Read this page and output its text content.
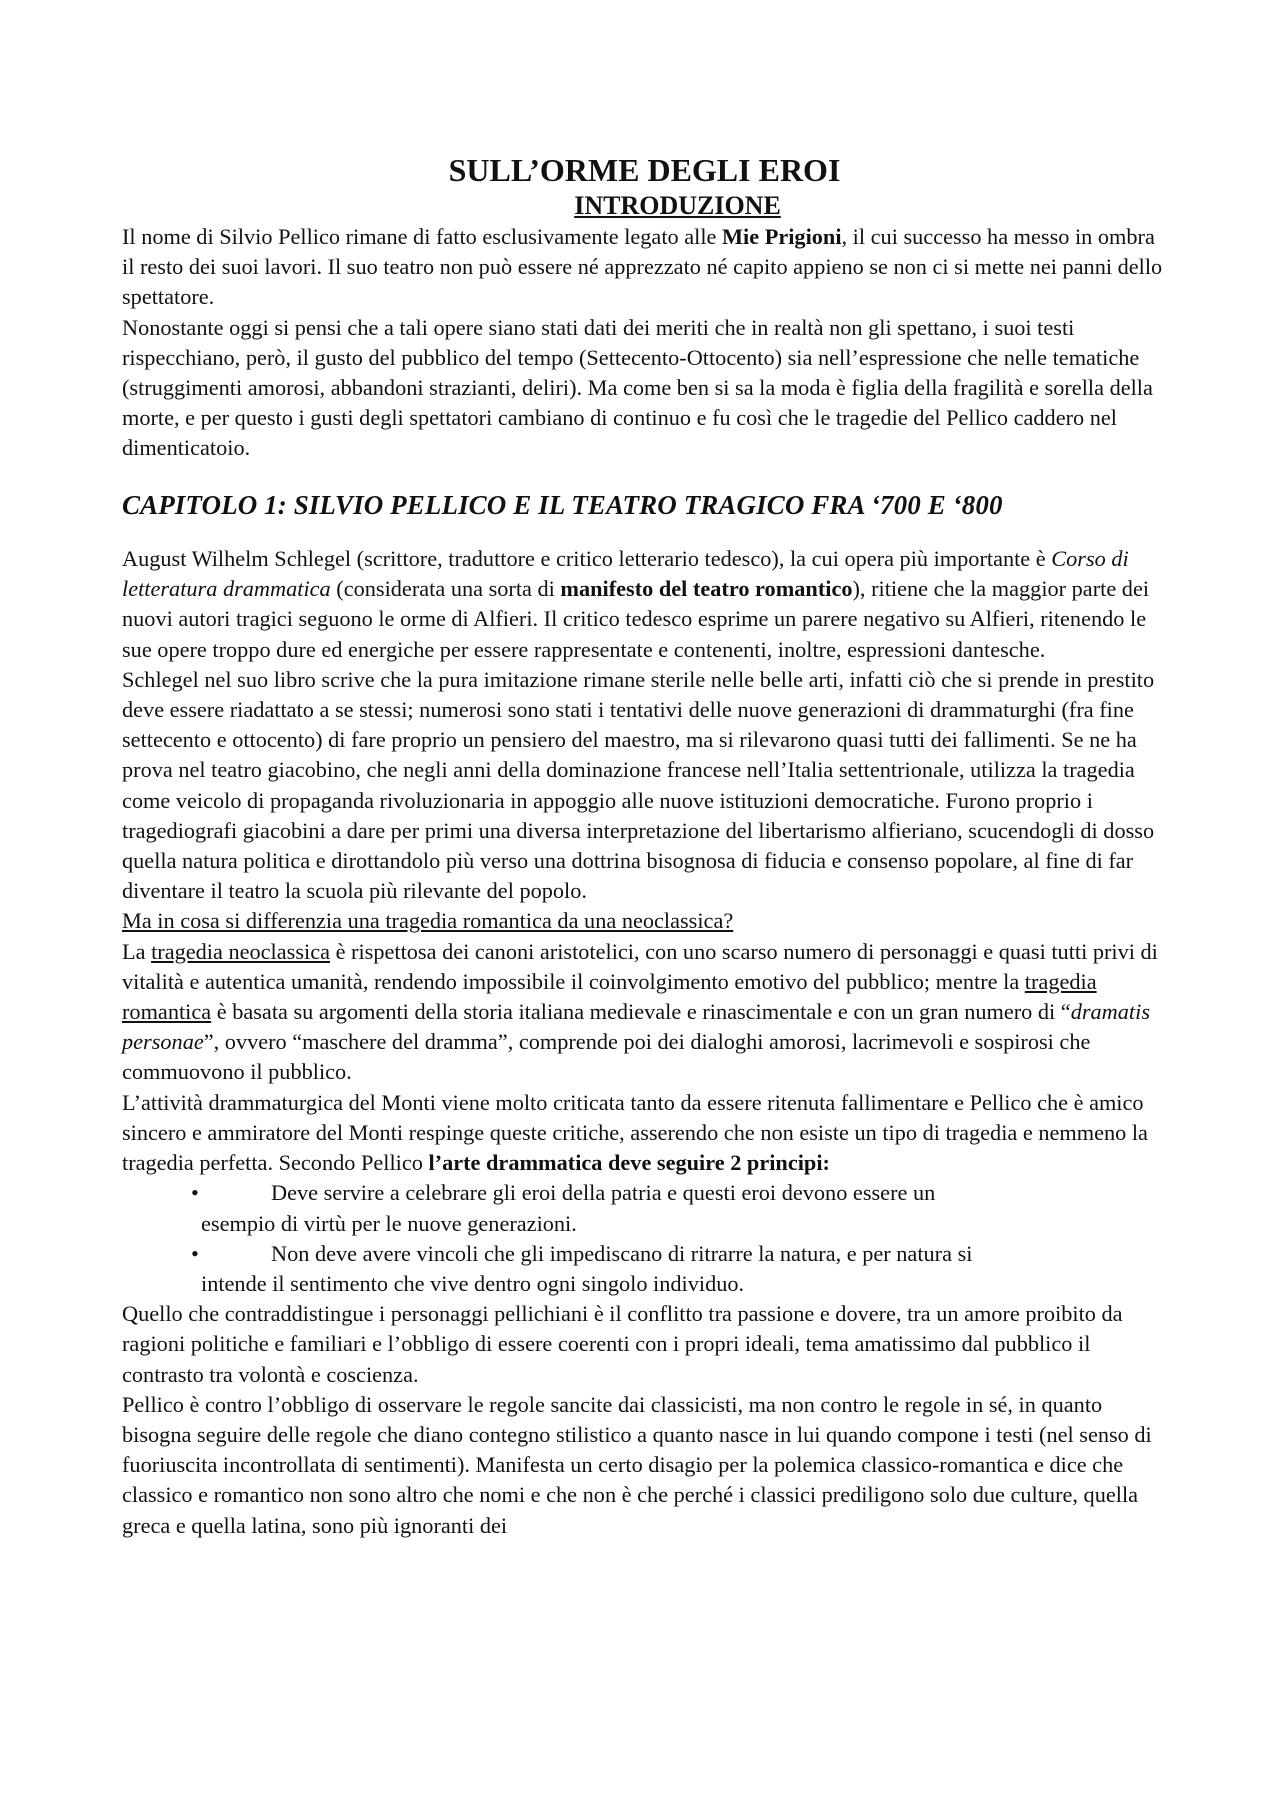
SULL’ORME DEGLI EROI
INTRODUZIONE

Il nome di Silvio Pellico rimane di fatto esclusivamente legato alle Mie Prigioni, il cui successo ha messo in ombra il resto dei suoi lavori. Il suo teatro non può essere né apprezzato né capito appieno se non ci si mette nei panni dello spettatore.

Nonostante oggi si pensi che a tali opere siano stati dati dei meriti che in realtà non gli spettano, i suoi testi rispecchiano, però, il gusto del pubblico del tempo (Settecento-Ottocento) sia nell’espressione che nelle tematiche (struggimenti amorosi, abbandoni strazianti, deliri). Ma come ben si sa la moda è figlia della fragilità e sorella della morte, e per questo i gusti degli spettatori cambiano di continuo e fu così che le tragedie del Pellico caddero nel dimenticatoio.

CAPITOLO 1: SILVIO PELLICO E IL TEATRO TRAGICO FRA ‘700 E ‘800

August Wilhelm Schlegel (scrittore, traduttore e critico letterario tedesco), la cui opera più importante è Corso di letteratura drammatica (considerata una sorta di manifesto del teatro romantico), ritiene che la maggior parte dei nuovi autori tragici seguono le orme di Alfieri. Il critico tedesco esprime un parere negativo su Alfieri, ritenendo le sue opere troppo dure ed energiche per essere rappresentate e contenenti, inoltre, espressioni dantesche.

Schlegel nel suo libro scrive che la pura imitazione rimane sterile nelle belle arti, infatti ciò che si prende in prestito deve essere riadattato a se stessi; numerosi sono stati i tentativi delle nuove generazioni di drammaturghi (fra fine settecento e ottocento) di fare proprio un pensiero del maestro, ma si rilevarono quasi tutti dei fallimenti. Se ne ha prova nel teatro giacobino, che negli anni della dominazione francese nell’Italia settentrionale, utilizza la tragedia come veicolo di propaganda rivoluzionaria in appoggio alle nuove istituzioni democratiche. Furono proprio i tragediografi giacobini a dare per primi una diversa interpretazione del libertarismo alfieriano, scucendogli di dosso quella natura politica e dirottandolo più verso una dottrina bisognosa di fiducia e consenso popolare, al fine di far diventare il teatro la scuola più rilevante del popolo.

Ma in cosa si differenzia una tragedia romantica da una neoclassica?

La tragedia neoclassica è rispettosa dei canoni aristotelici, con uno scarso numero di personaggi e quasi tutti privi di vitalità e autentica umanità, rendendo impossibile il coinvolgimento emotivo del pubblico; mentre la tragedia romantica è basata su argomenti della storia italiana medievale e rinascimentale e con un gran numero di “dramatis personae”, ovvero “maschere del dramma”, comprende poi dei dialoghi amorosi, lacrimevoli e sospirosi che commuovono il pubblico.

L’attività drammaturgica del Monti viene molto criticata tanto da essere ritenuta fallimentare e Pellico che è amico sincero e ammiratore del Monti respinge queste critiche, asserendo che non esiste un tipo di tragedia e nemmeno la tragedia perfetta. Secondo Pellico l’arte drammatica deve seguire 2 principi:

•	Deve servire a celebrare gli eroi della patria e questi eroi devono essere un
esempio di virtù per le nuove generazioni.
•	Non deve avere vincoli che gli impediscano di ritrarre la natura, e per natura si
intende il sentimento che vive dentro ogni singolo individuo.

Quello che contraddistingue i personaggi pellichiani è il conflitto tra passione e dovere, tra un amore proibito da ragioni politiche e familiari e l’obbligo di essere coerenti con i propri ideali, tema amatissimo dal pubblico il contrasto tra volontà e coscienza.

Pellico è contro l’obbligo di osservare le regole sancite dai classicisti, ma non contro le regole in sé, in quanto bisogna seguire delle regole che diano contegno stilistico a quanto nasce in lui quando compone i testi (nel senso di fuoriuscita incontrollata di sentimenti). Manifesta un certo disagio per la polemica classico-romantica e dice che classico e romantico non sono altro che nomi e che non è che perché i classici prediligono solo due culture, quella greca e quella latina, sono più ignoranti dei
